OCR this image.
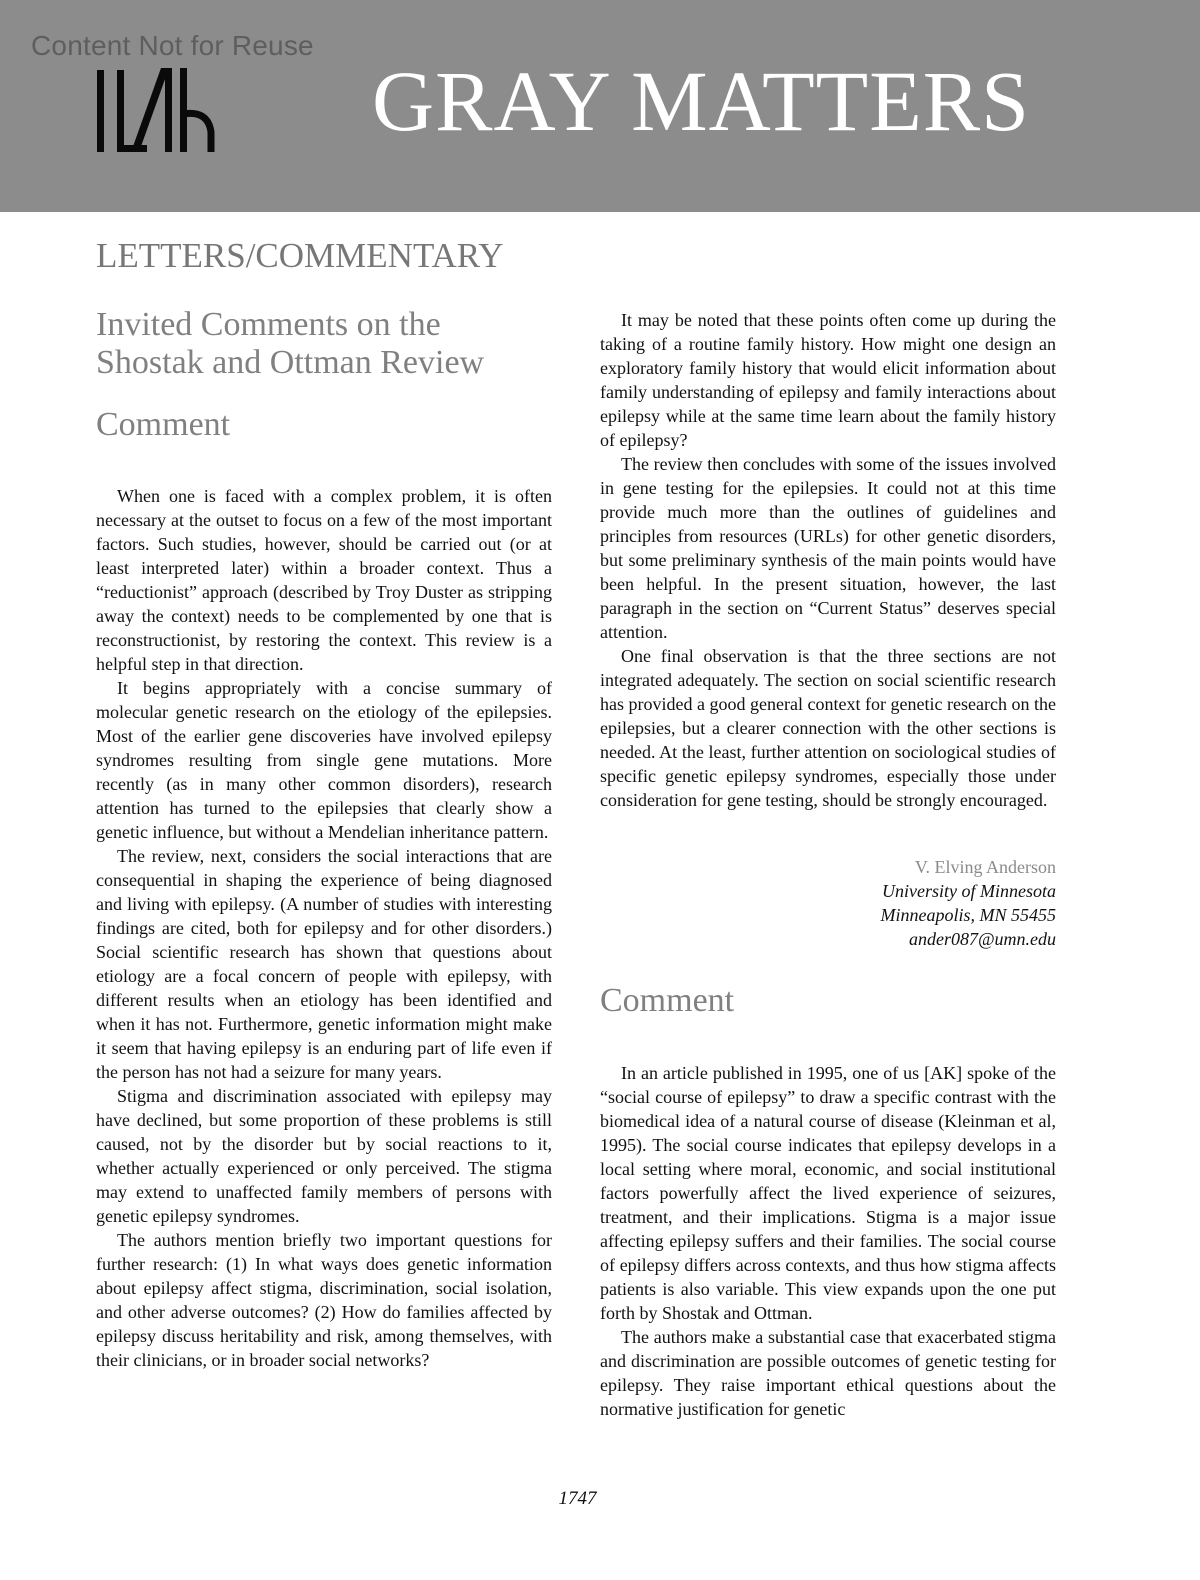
Content Not for Reuse
GRAY MATTERS
LETTERS/COMMENTARY
Invited Comments on the
Shostak and Ottman Review
Comment

When one is faced with a complex problem, it is often necessary at the outset to focus on a few of the most important factors. Such studies, however, should be carried out (or at least interpreted later) within a broader context. Thus a “reductionist” approach (described by Troy Duster as stripping away the context) needs to be complemented by one that is reconstructionist, by restoring the context. This review is a helpful step in that direction.

It begins appropriately with a concise summary of molecular genetic research on the etiology of the epilepsies. Most of the earlier gene discoveries have involved epilepsy syndromes resulting from single gene mutations. More recently (as in many other common disorders), research attention has turned to the epilepsies that clearly show a genetic influence, but without a Mendelian inheritance pattern.

The review, next, considers the social interactions that are consequential in shaping the experience of being diagnosed and living with epilepsy. (A number of studies with interesting findings are cited, both for epilepsy and for other disorders.) Social scientific research has shown that questions about etiology are a focal concern of people with epilepsy, with different results when an etiology has been identified and when it has not. Furthermore, genetic information might make it seem that having epilepsy is an enduring part of life even if the person has not had a seizure for many years.

Stigma and discrimination associated with epilepsy may have declined, but some proportion of these problems is still caused, not by the disorder but by social reactions to it, whether actually experienced or only perceived. The stigma may extend to unaffected family members of persons with genetic epilepsy syndromes.

The authors mention briefly two important questions for further research: (1) In what ways does genetic information about epilepsy affect stigma, discrimination, social isolation, and other adverse outcomes? (2) How do families affected by epilepsy discuss heritability and risk, among themselves, with their clinicians, or in broader social networks?

It may be noted that these points often come up during the taking of a routine family history. How might one design an exploratory family history that would elicit information about family understanding of epilepsy and family interactions about epilepsy while at the same time learn about the family history of epilepsy?

The review then concludes with some of the issues involved in gene testing for the epilepsies. It could not at this time provide much more than the outlines of guidelines and principles from resources (URLs) for other genetic disorders, but some preliminary synthesis of the main points would have been helpful. In the present situation, however, the last paragraph in the section on “Current Status” deserves special attention.

One final observation is that the three sections are not integrated adequately. The section on social scientific research has provided a good general context for genetic research on the epilepsies, but a clearer connection with the other sections is needed. At the least, further attention on sociological studies of specific genetic epilepsy syndromes, especially those under consideration for gene testing, should be strongly encouraged.

V. Elving Anderson
University of Minnesota
Minneapolis, MN 55455
ander087@umn.edu
Comment

In an article published in 1995, one of us [AK] spoke of the “social course of epilepsy” to draw a specific contrast with the biomedical idea of a natural course of disease (Kleinman et al, 1995). The social course indicates that epilepsy develops in a local setting where moral, economic, and social institutional factors powerfully affect the lived experience of seizures, treatment, and their implications. Stigma is a major issue affecting epilepsy suffers and their families. The social course of epilepsy differs across contexts, and thus how stigma affects patients is also variable. This view expands upon the one put forth by Shostak and Ottman.

The authors make a substantial case that exacerbated stigma and discrimination are possible outcomes of genetic testing for epilepsy. They raise important ethical questions about the normative justification for genetic

1747
